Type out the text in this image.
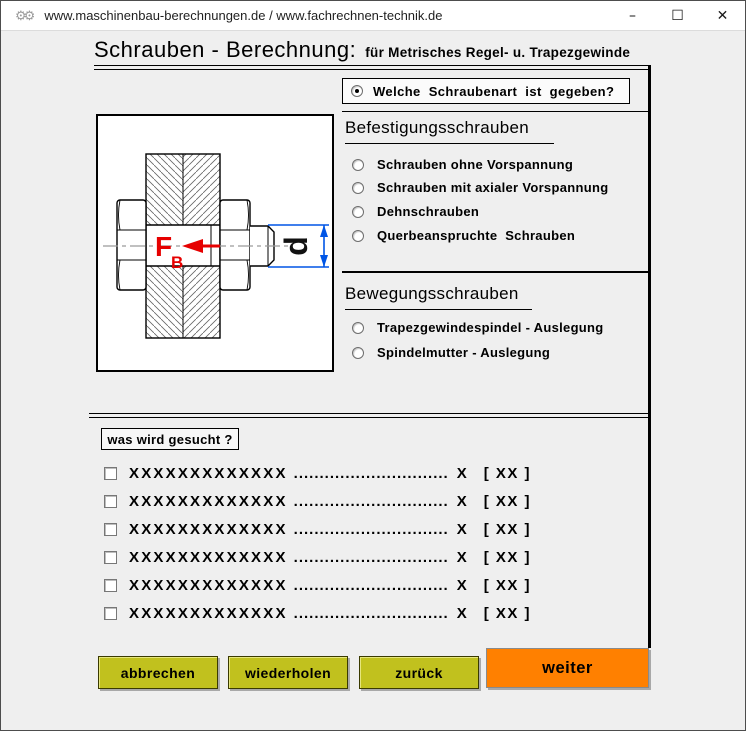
⚙⚙ www.maschinenbau-berechnungen.de / www.fachrechnen-technik.de	–	☐	✕
Schrauben - Berechnung: für Metrisches Regel- u. Trapezgewinde
Welche Schraubenart ist gegeben?
Befestigungsschrauben
Schrauben ohne Vorspannung
Schrauben mit axialer Vorspannung
Dehnschrauben
Querbeanspruchte  Schrauben
Bewegungsschrauben
Trapezgewindespindel - Auslegung
Spindelmutter - Auslegung
F
B
d
was wird gesucht ?
XXXXXXXXXXXXX .............................. X [ XX ]
XXXXXXXXXXXXX .............................. X [ XX ]
XXXXXXXXXXXXX .............................. X [ XX ]
XXXXXXXXXXXXX .............................. X [ XX ]
XXXXXXXXXXXXX .............................. X [ XX ]
XXXXXXXXXXXXX .............................. X [ XX ]
abbrechen	wiederholen	zurück	weiter
